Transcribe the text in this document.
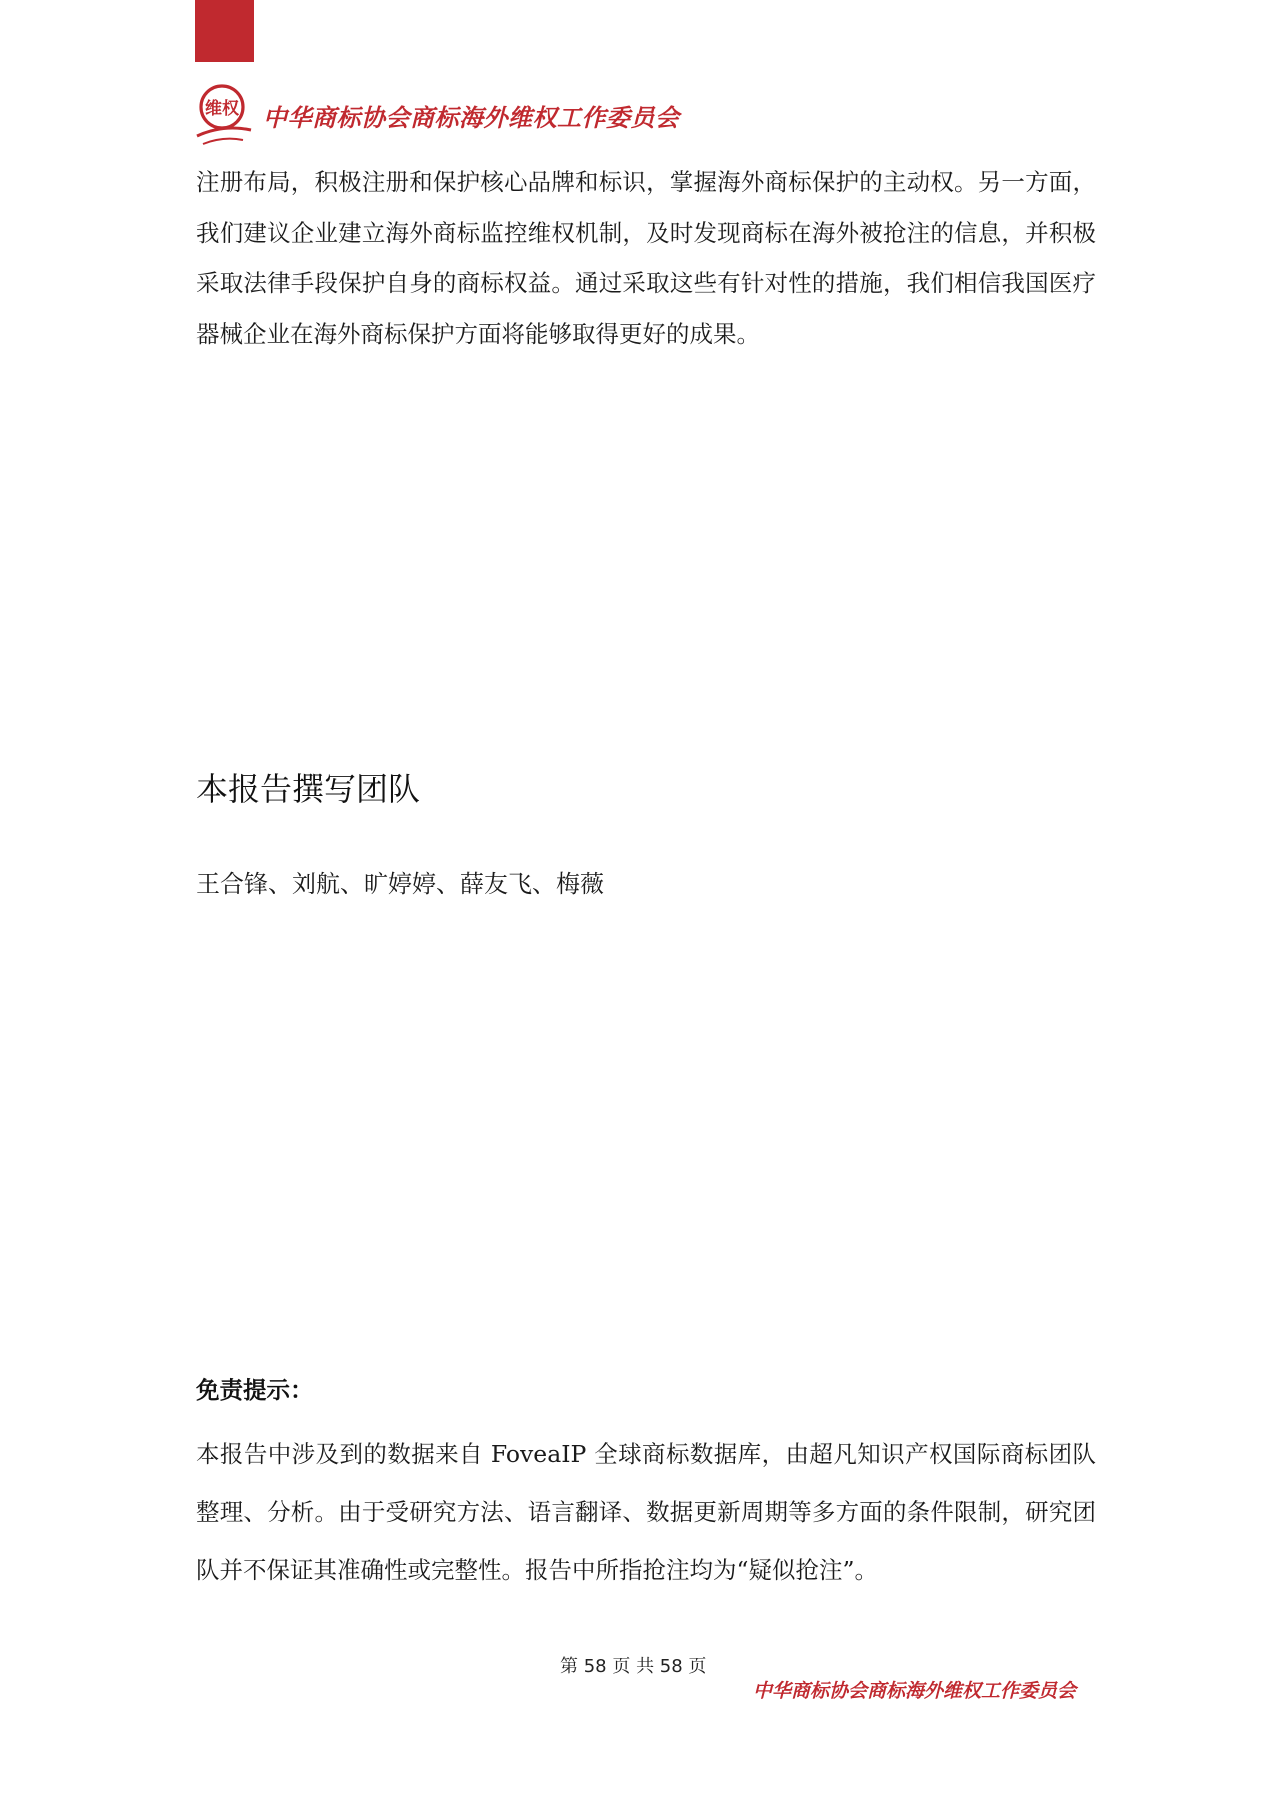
维权 中华商标协会商标海外维权工作委员会

注册布局，积极注册和保护核心品牌和标识，掌握海外商标保护的主动权。另一方面，我们建议企业建立海外商标监控维权机制，及时发现商标在海外被抢注的信息，并积极采取法律手段保护自身的商标权益。通过采取这些有针对性的措施，我们相信我国医疗器械企业在海外商标保护方面将能够取得更好的成果。

本报告撰写团队

王合锋、刘航、旷婷婷、薛友飞、梅薇

免责提示：

本报告中涉及到的数据来自 FoveaIP 全球商标数据库，由超凡知识产权国际商标团队整理、分析。由于受研究方法、语言翻译、数据更新周期等多方面的条件限制，研究团队并不保证其准确性或完整性。报告中所指抢注均为“疑似抢注”。

第 58 页 共 58 页
中华商标协会商标海外维权工作委员会
